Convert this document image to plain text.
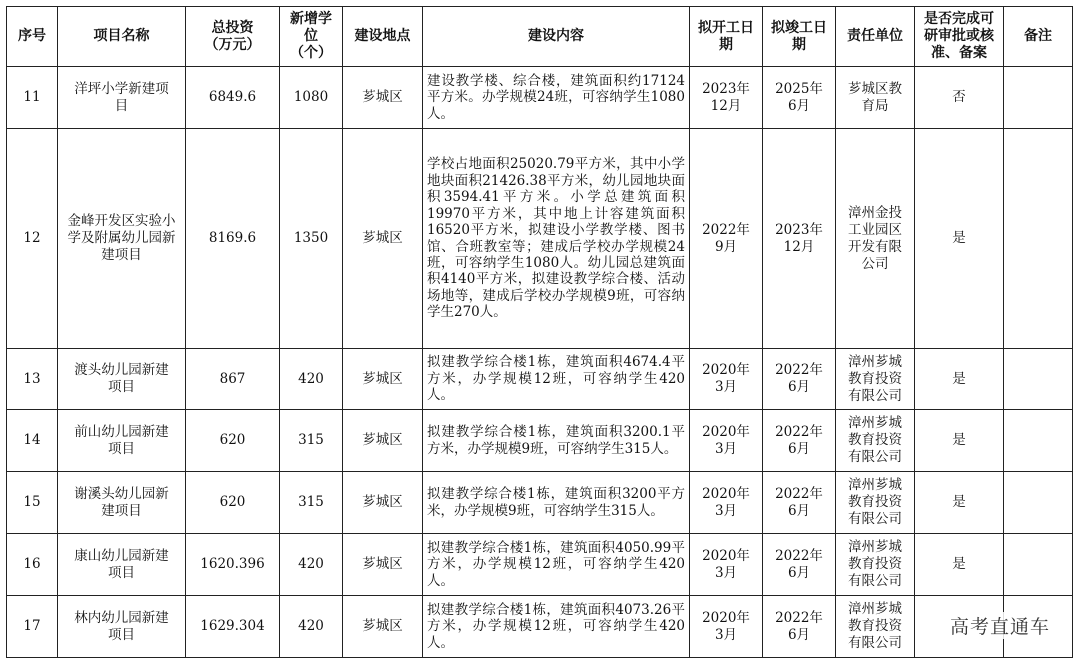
序号	项目名称	总投资（万元）	新增学位（个）	建设地点	建设内容	拟开工日期	拟竣工日期	责任单位	是否完成可研审批或核准、备案	备注
11	洋坪小学新建项目	6849.6	1080	芗城区	建设教学楼、综合楼，建筑面积约17124平方米。办学规模24班，可容纳学生1080人。	2023年12月	2025年6月	芗城区教育局	否	
12	金峰开发区实验小学及附属幼儿园新建项目	8169.6	1350	芗城区	学校占地面积25020.79平方米，其中小学地块面积21426.38平方米，幼儿园地块面积3594.41平方米。小学总建筑面积19970平方米，其中地上计容建筑面积16520平方米，拟建设小学教学楼、图书馆、合班教室等；建成后学校办学规模24班，可容纳学生1080人。幼儿园总建筑面积4140平方米，拟建设教学综合楼、活动场地等，建成后学校办学规模9班，可容纳学生270人。	2022年9月	2023年12月	漳州金投工业园区开发有限公司	是	
13	渡头幼儿园新建项目	867	420	芗城区	拟建教学综合楼1栋，建筑面积4674.4平方米，办学规模12班，可容纳学生420人。	2020年3月	2022年6月	漳州芗城教育投资有限公司	是	
14	前山幼儿园新建项目	620	315	芗城区	拟建教学综合楼1栋，建筑面积3200.1平方米，办学规模9班，可容纳学生315人。	2020年3月	2022年6月	漳州芗城教育投资有限公司	是	
15	谢溪头幼儿园新建项目	620	315	芗城区	拟建教学综合楼1栋，建筑面积3200平方米，办学规模9班，可容纳学生315人。	2020年3月	2022年6月	漳州芗城教育投资有限公司	是	
16	康山幼儿园新建项目	1620.396	420	芗城区	拟建教学综合楼1栋，建筑面积4050.99平方米，办学规模12班，可容纳学生420人。	2020年3月	2022年6月	漳州芗城教育投资有限公司	是	
17	林内幼儿园新建项目	1629.304	420	芗城区	拟建教学综合楼1栋，建筑面积4073.26平方米，办学规模12班，可容纳学生420人。	2020年3月	2022年6月	漳州芗城教育投资有限公司		
高考直通车
